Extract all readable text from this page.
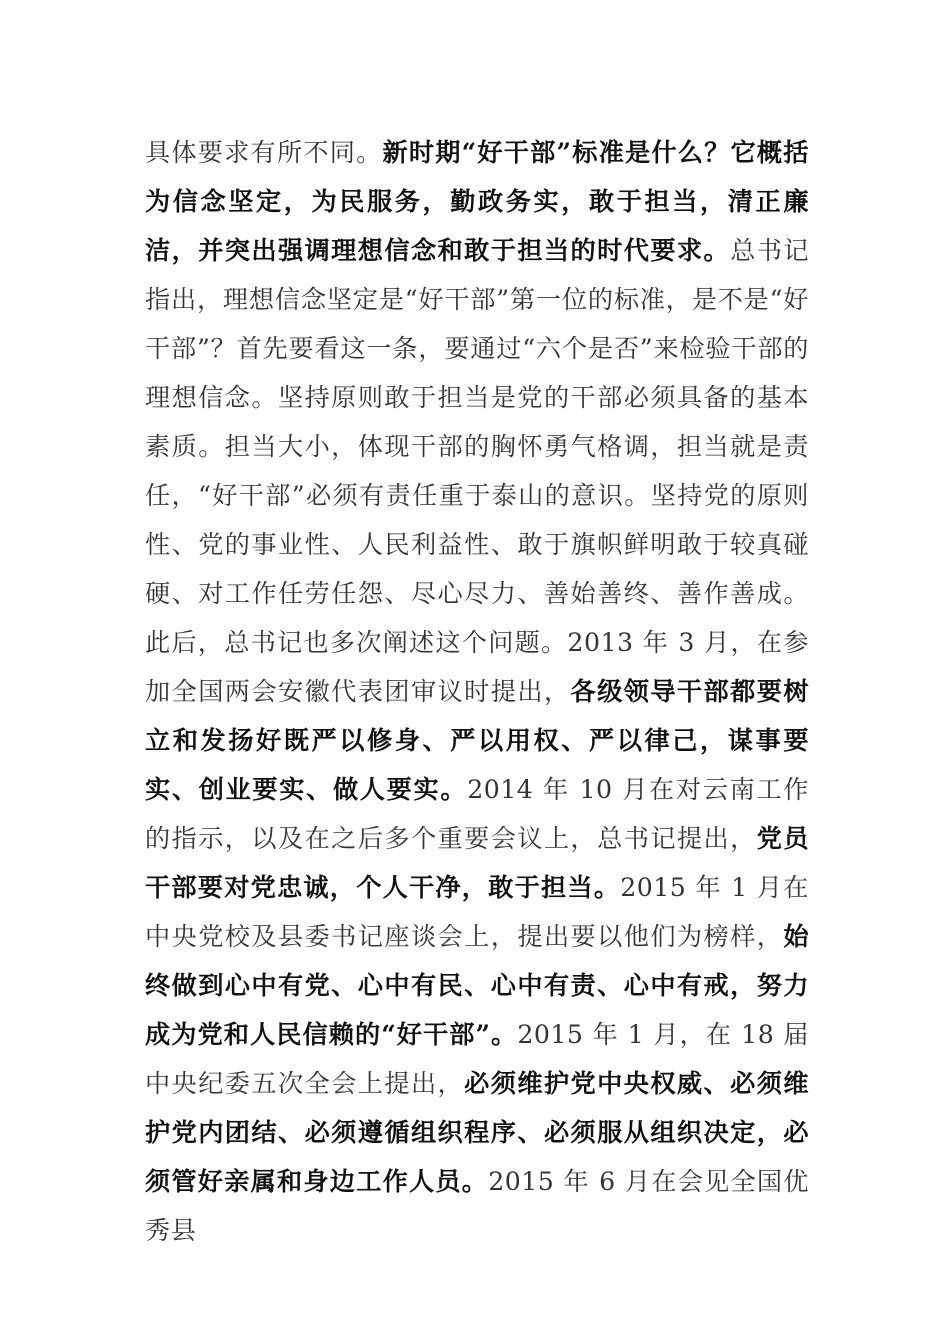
具体要求有所不同。新时期“好干部”标准是什么？它概括为信念坚定，为民服务，勤政务实，敢于担当，清正廉洁，并突出强调理想信念和敢于担当的时代要求。总书记指出，理想信念坚定是“好干部”第一位的标准，是不是“好干部”？首先要看这一条，要通过“六个是否”来检验干部的理想信念。坚持原则敢于担当是党的干部必须具备的基本素质。担当大小，体现干部的胸怀勇气格调，担当就是责任，“好干部”必须有责任重于泰山的意识。坚持党的原则性、党的事业性、人民利益性、敢于旗帜鲜明敢于较真碰硬、对工作任劳任怨、尽心尽力、善始善终、善作善成。此后，总书记也多次阐述这个问题。2013 年 3 月，在参加全国两会安徽代表团审议时提出，各级领导干部都要树立和发扬好既严以修身、严以用权、严以律己，谋事要实、创业要实、做人要实。2014 年 10 月在对云南工作的指示，以及在之后多个重要会议上，总书记提出，党员干部要对党忠诚，个人干净，敢于担当。2015 年 1 月在中央党校及县委书记座谈会上，提出要以他们为榜样，始终做到心中有党、心中有民、心中有责、心中有戒，努力成为党和人民信赖的“好干部”。2015 年 1 月，在 18 届中央纪委五次全会上提出，必须维护党中央权威、必须维护党内团结、必须遵循组织程序、必须服从组织决定，必须管好亲属和身边工作人员。2015 年 6 月在会见全国优秀县
